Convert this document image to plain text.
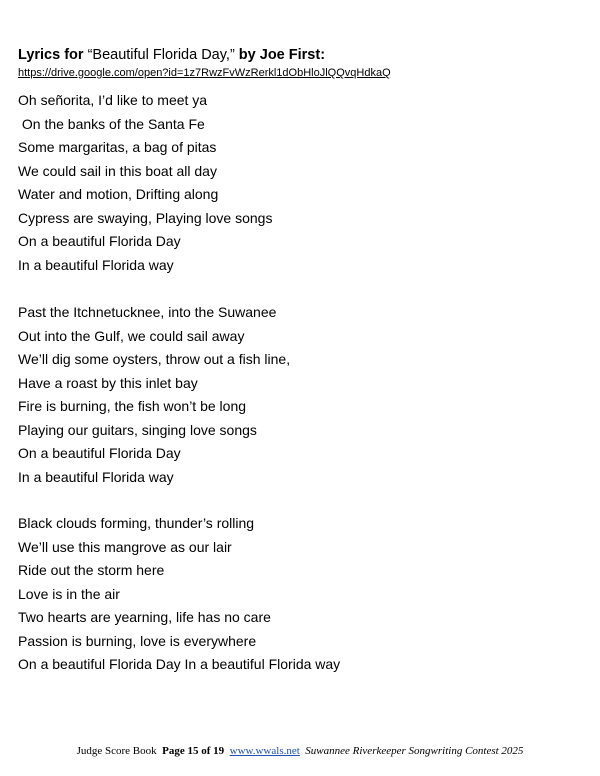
Lyrics for “Beautiful Florida Day,” by Joe First:
https://drive.google.com/open?id=1z7RwzFvWzRerkl1dObHloJlQQvqHdkaQ
Oh señorita, I’d like to meet ya
On the banks of the Santa Fe
Some margaritas, a bag of pitas
We could sail in this boat all day
Water and motion, Drifting along
Cypress are swaying, Playing love songs
On a beautiful Florida Day
In a beautiful Florida way
Past the Itchnetucknee, into the Suwanee
Out into the Gulf, we could sail away
We’ll dig some oysters, throw out a fish line,
Have a roast by this inlet bay
Fire is burning, the fish won’t be long
Playing our guitars, singing love songs
On a beautiful Florida Day
In a beautiful Florida way
Black clouds forming, thunder’s rolling
We’ll use this mangrove as our lair
Ride out the storm here
Love is in the air
Two hearts are yearning, life has no care
Passion is burning, love is everywhere
On a beautiful Florida Day In a beautiful Florida way
Judge Score Book Page 15 of 19 www.wwals.net Suwannee Riverkeeper Songwriting Contest 2025
